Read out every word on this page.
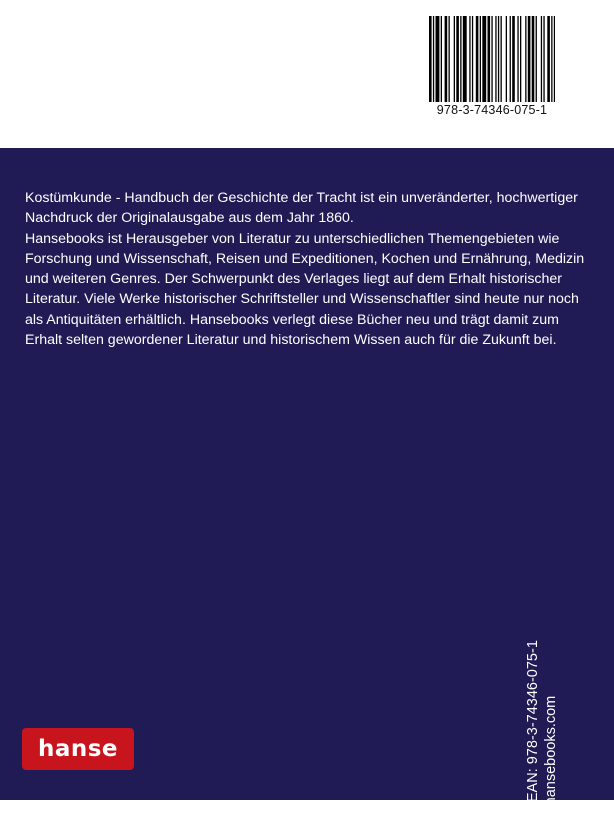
978-3-74346-075-1

Kostümkunde - Handbuch der Geschichte der Tracht ist ein unveränderter, hochwertiger Nachdruck der Originalausgabe aus dem Jahr 1860.

Hansebooks ist Herausgeber von Literatur zu unterschiedlichen Themengebieten wie Forschung und Wissenschaft, Reisen und Expeditionen, Kochen und Ernährung, Medizin und weiteren Genres. Der Schwerpunkt des Verlages liegt auf dem Erhalt historischer Literatur. Viele Werke historischer Schriftsteller und Wissenschaftler sind heute nur noch als Antiquitäten erhältlich. Hansebooks verlegt diese Bücher neu und trägt damit zum Erhalt selten gewordener Literatur und historischem Wissen auch für die Zukunft bei.

ISBN/EAN: 978-3-74346-075-1 www.hansebooks.com
hanse
